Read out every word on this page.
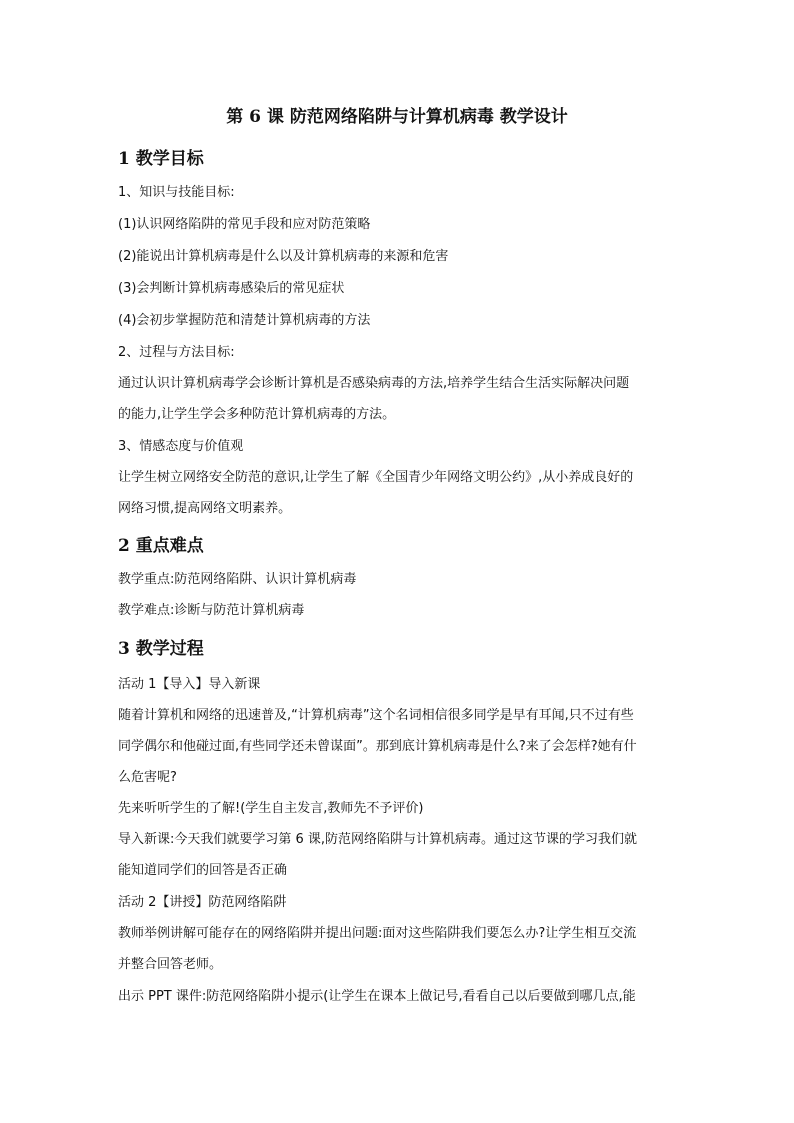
第 6 课 防范网络陷阱与计算机病毒 教学设计
1 教学目标
1、知识与技能目标:
(1)认识网络陷阱的常见手段和应对防范策略
(2)能说出计算机病毒是什么以及计算机病毒的来源和危害
(3)会判断计算机病毒感染后的常见症状
(4)会初步掌握防范和清楚计算机病毒的方法
2、过程与方法目标:
通过认识计算机病毒学会诊断计算机是否感染病毒的方法,培养学生结合生活实际解决问题
的能力,让学生学会多种防范计算机病毒的方法。
3、情感态度与价值观
让学生树立网络安全防范的意识,让学生了解《全国青少年网络文明公约》,从小养成良好的
网络习惯,提高网络文明素养。
2 重点难点
教学重点:防范网络陷阱、认识计算机病毒
教学难点:诊断与防范计算机病毒
3 教学过程
活动 1【导入】导入新课
随着计算机和网络的迅速普及,“计算机病毒”这个名词相信很多同学是早有耳闻,只不过有些
同学偶尔和他碰过面,有些同学还未曾谋面”。那到底计算机病毒是什么?来了会怎样?她有什
么危害呢?
先来听听学生的了解!(学生自主发言,教师先不予评价)
导入新课:今天我们就要学习第 6 课,防范网络陷阱与计算机病毒。通过这节课的学习我们就
能知道同学们的回答是否正确
活动 2【讲授】防范网络陷阱
教师举例讲解可能存在的网络陷阱并提出问题:面对这些陷阱我们要怎么办?让学生相互交流
并整合回答老师。
出示 PPT 课件:防范网络陷阱小提示(让学生在课本上做记号,看看自己以后要做到哪几点,能
